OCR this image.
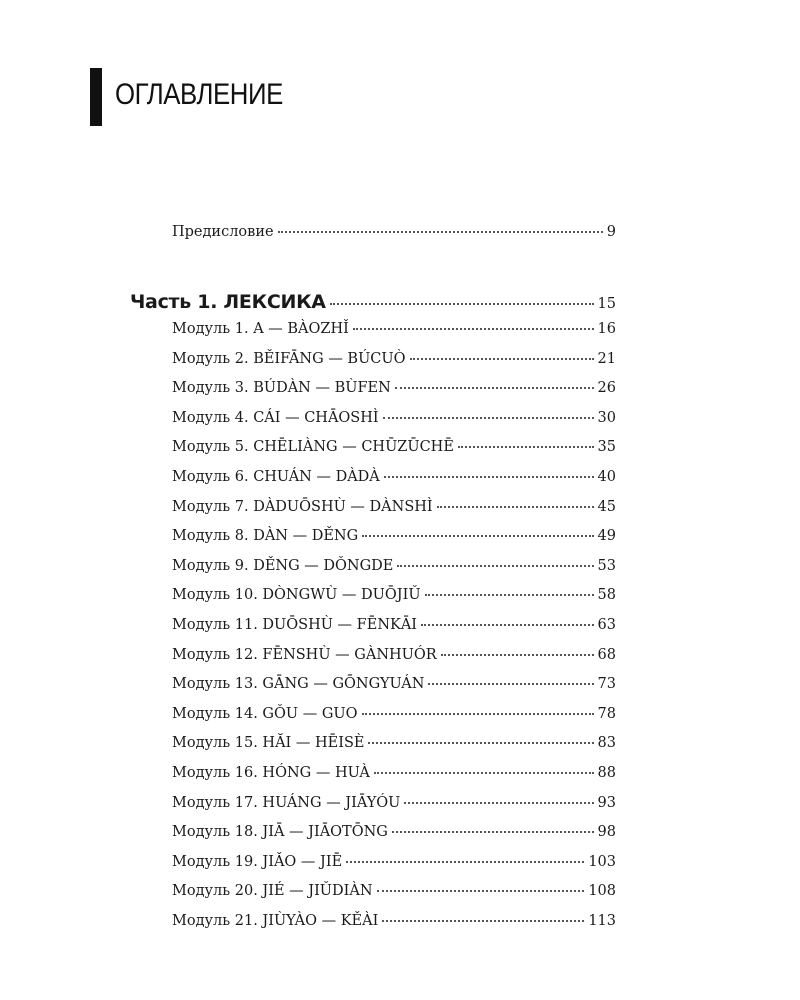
ОГЛАВЛЕНИЕ
Предисловие	9
Часть 1. ЛЕКСИКА	15
Модуль 1. A — BÀOZHǏ	16
Модуль 2. BĚIFĀNG — BÚCUÒ	21
Модуль 3. BÚDÀN — BÙFEN	26
Модуль 4. CÁI — CHĀOSHÌ	30
Модуль 5. CHĒLIÀNG — CHŪZŪCHĒ	35
Модуль 6. CHUÁN — DÀDÀ	40
Модуль 7. DÀDUŌSHÙ — DÀNSHÌ	45
Модуль 8. DÀN — DĚNG	49
Модуль 9. DĚNG — DǑNGDE	53
Модуль 10. DÒNGWÙ — DUŌJIǓ	58
Модуль 11. DUŌSHÙ — FĒNKĀI	63
Модуль 12. FĒNSHÙ — GÀNHUÓR	68
Модуль 13. GĀNG — GŌNGYUÁN	73
Модуль 14. GǑU — GUO	78
Модуль 15. HĂI — HĒISÈ	83
Модуль 16. HÓNG — HUÀ	88
Модуль 17. HUÁNG — JIĀYÓU	93
Модуль 18. JIĀ — JIĀOTŌNG	98
Модуль 19. JIǍO — JIĒ	103
Модуль 20. JIÉ — JIǓDIÀN	108
Модуль 21. JIÙYÀO — KĚÀI	113
